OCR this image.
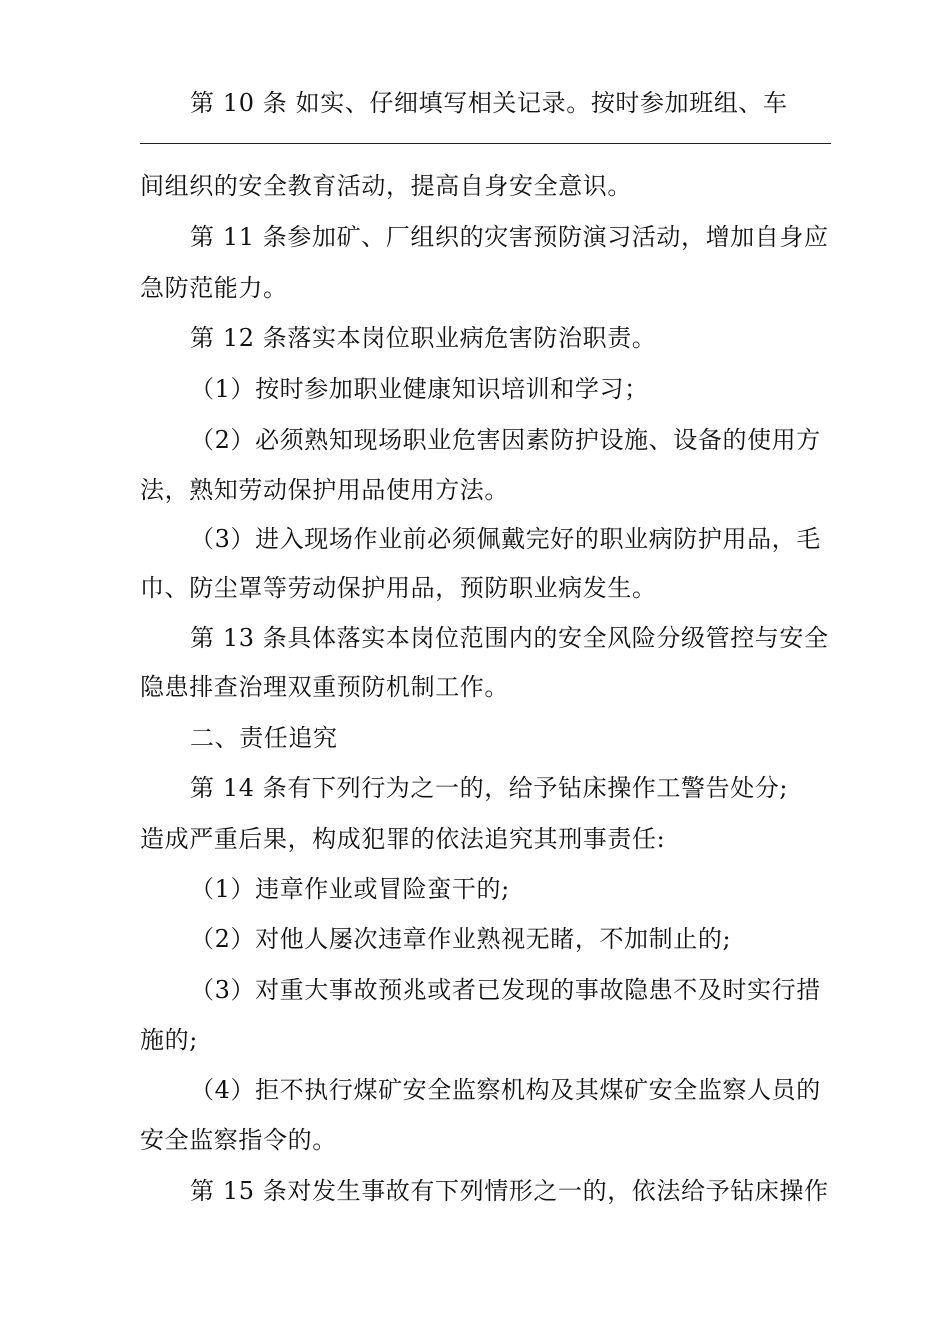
第 10 条 如实、仔细填写相关记录。按时参加班组、车
间组织的安全教育活动，提高自身安全意识。
第 11 条参加矿、厂组织的灾害预防演习活动，增加自身应
急防范能力。
第 12 条落实本岗位职业病危害防治职责。
（1）按时参加职业健康知识培训和学习；
（2）必须熟知现场职业危害因素防护设施、设备的使用方
法，熟知劳动保护用品使用方法。
（3）进入现场作业前必须佩戴完好的职业病防护用品，毛
巾、防尘罩等劳动保护用品，预防职业病发生。
第 13 条具体落实本岗位范围内的安全风险分级管控与安全
隐患排查治理双重预防机制工作。
二、责任追究
第 14 条有下列行为之一的，给予钻床操作工警告处分;
造成严重后果，构成犯罪的依法追究其刑事责任:
（1）违章作业或冒险蛮干的;
（2）对他人屡次违章作业熟视无睹，不加制止的;
（3）对重大事故预兆或者已发现的事故隐患不及时实行措
施的;
（4）拒不执行煤矿安全监察机构及其煤矿安全监察人员的
安全监察指令的。
第 15 条对发生事故有下列情形之一的，依法给予钻床操作
